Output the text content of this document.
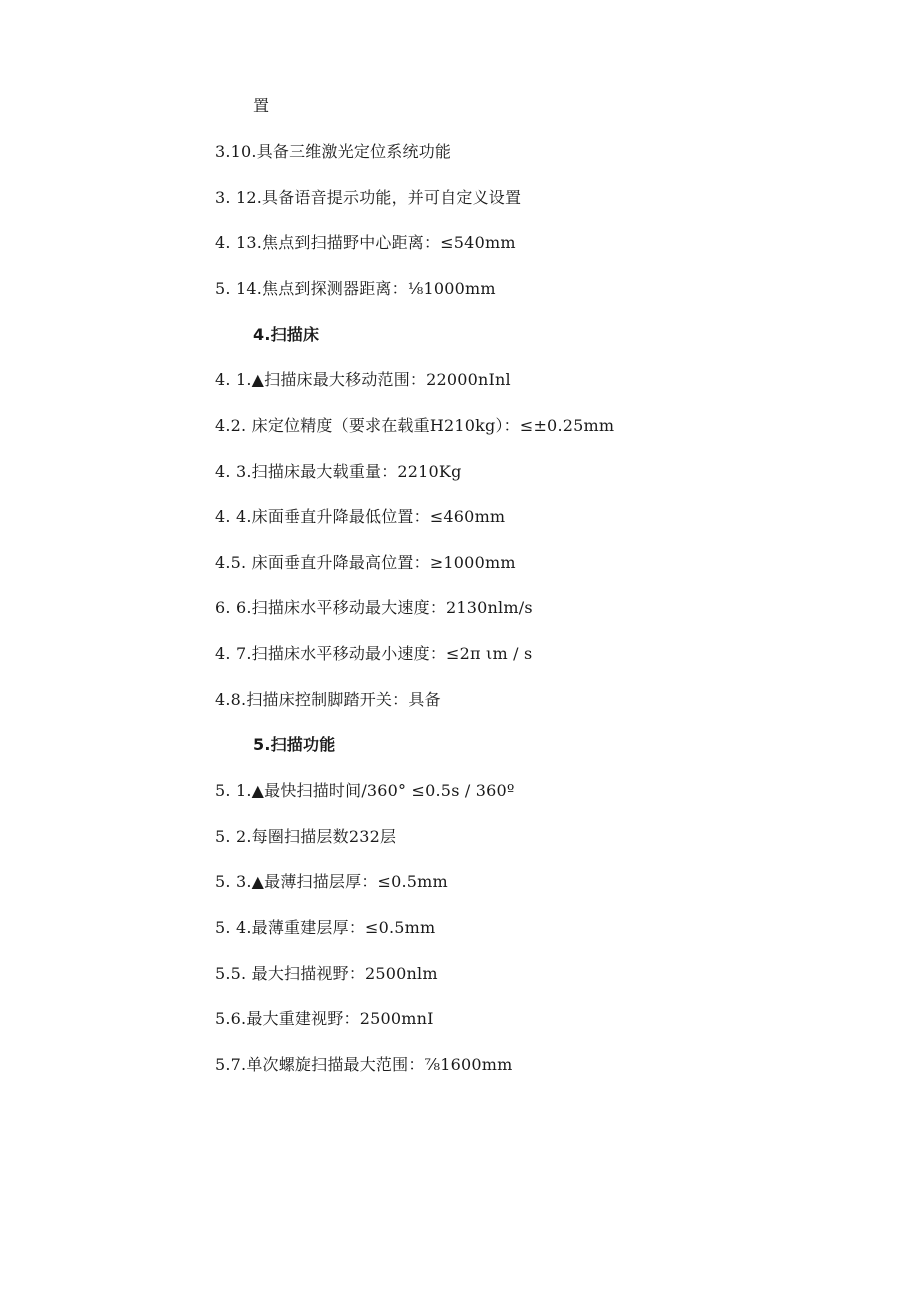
置
3.10.具备三维激光定位系统功能
3. 12.具备语音提示功能，并可自定义设置
4. 13.焦点到扫描野中心距离：≤540mm
5. 14.焦点到探测器距离：⅛1000mm
4.扫描床
4. 1.▲扫描床最大移动范围：22000nInl
4.2. 床定位精度（要求在载重H210kg）：≤±0.25mm
4. 3.扫描床最大载重量：2210Kg
4. 4.床面垂直升降最低位置：≤460mm
4.5. 床面垂直升降最高位置：≥1000mm
6. 6.扫描床水平移动最大速度：2130nlm/s
4. 7.扫描床水平移动最小速度：≤2π ιm / s
4.8.扫描床控制脚踏开关：具备
5.扫描功能
5. 1.▲最快扫描时间/360° ≤0.5s / 360º
5. 2.每圈扫描层数232层
5. 3.▲最薄扫描层厚：≤0.5mm
5. 4.最薄重建层厚：≤0.5mm
5.5. 最大扫描视野：2500nlm
5.6.最大重建视野：2500mnI
5.7.单次螺旋扫描最大范围：⅞1600mm
